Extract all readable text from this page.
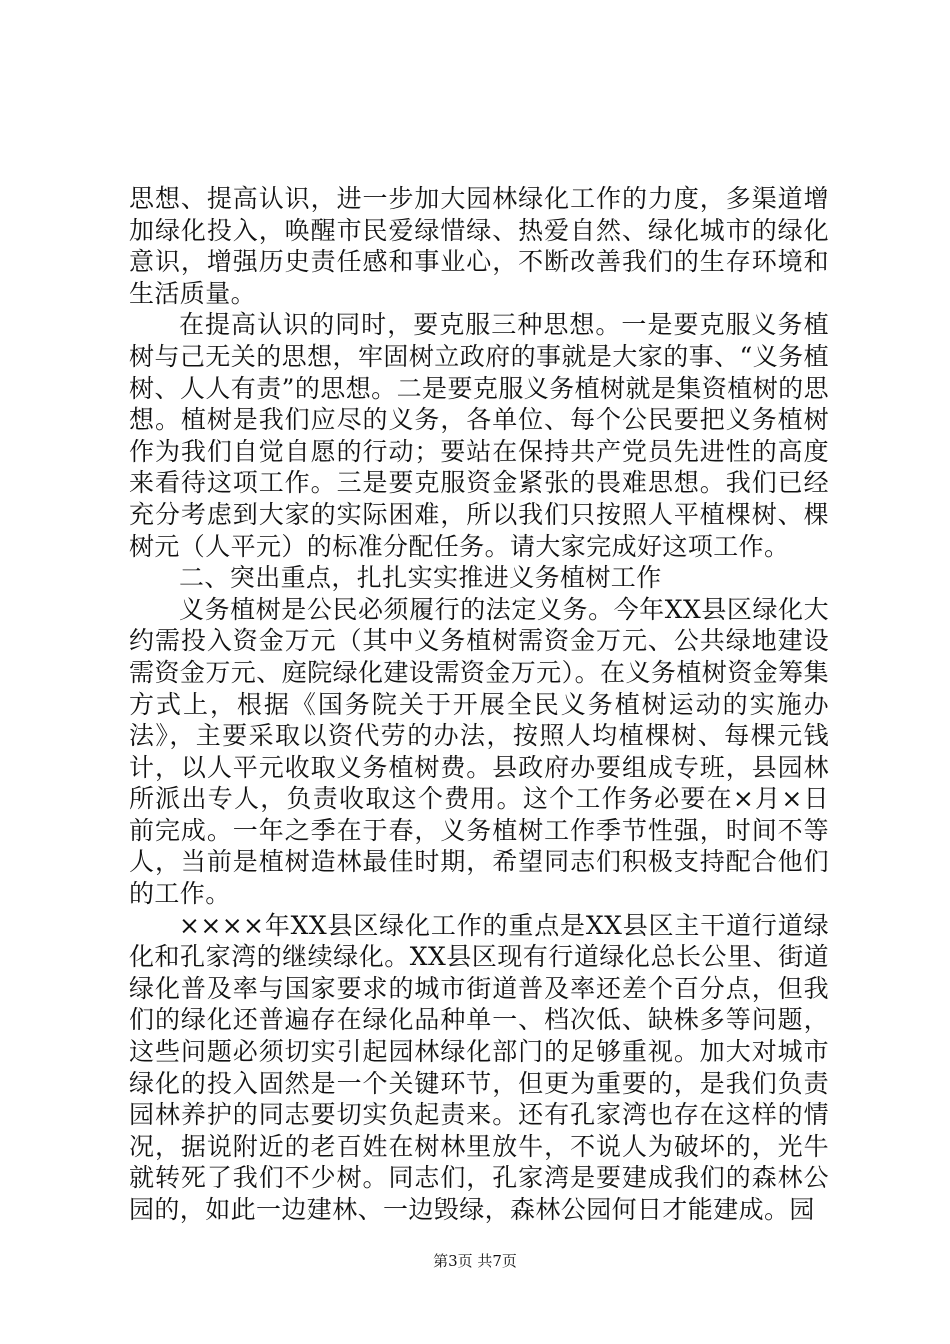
思想、提高认识，进一步加大园林绿化工作的力度，多渠道增加绿化投入，唤醒市民爱绿惜绿、热爱自然、绿化城市的绿化意识，增强历史责任感和事业心，不断改善我们的生存环境和生活质量。

在提高认识的同时，要克服三种思想。一是要克服义务植树与己无关的思想，牢固树立政府的事就是大家的事、“义务植树、人人有责”的思想。二是要克服义务植树就是集资植树的思想。植树是我们应尽的义务，各单位、每个公民要把义务植树作为我们自觉自愿的行动；要站在保持共产党员先进性的高度来看待这项工作。三是要克服资金紧张的畏难思想。我们已经充分考虑到大家的实际困难，所以我们只按照人平植棵树、棵树元（人平元）的标准分配任务。请大家完成好这项工作。

二、突出重点，扎扎实实推进义务植树工作

义务植树是公民必须履行的法定义务。今年XX县区绿化大约需投入资金万元（其中义务植树需资金万元、公共绿地建设需资金万元、庭院绿化建设需资金万元）。在义务植树资金筹集方式上，根据《国务院关于开展全民义务植树运动的实施办法》，主要采取以资代劳的办法，按照人均植棵树、每棵元钱计，以人平元收取义务植树费。县政府办要组成专班，县园林所派出专人，负责收取这个费用。这个工作务必要在×月×日前完成。一年之季在于春，义务植树工作季节性强，时间不等人，当前是植树造林最佳时期，希望同志们积极支持配合他们的工作。

××××年XX县区绿化工作的重点是XX县区主干道行道绿化和孔家湾的继续绿化。XX县区现有行道绿化总长公里、街道绿化普及率与国家要求的城市街道普及率还差个百分点，但我们的绿化还普遍存在绿化品种单一、档次低、缺株多等问题，这些问题必须切实引起园林绿化部门的足够重视。加大对城市绿化的投入固然是一个关键环节，但更为重要的，是我们负责园林养护的同志要切实负起责来。还有孔家湾也存在这样的情况，据说附近的老百姓在树林里放牛，不说人为破坏的，光牛就转死了我们不少树。同志们，孔家湾是要建成我们的森林公园的，如此一边建林、一边毁绿，森林公园何日才能建成。园

第3页 共7页
